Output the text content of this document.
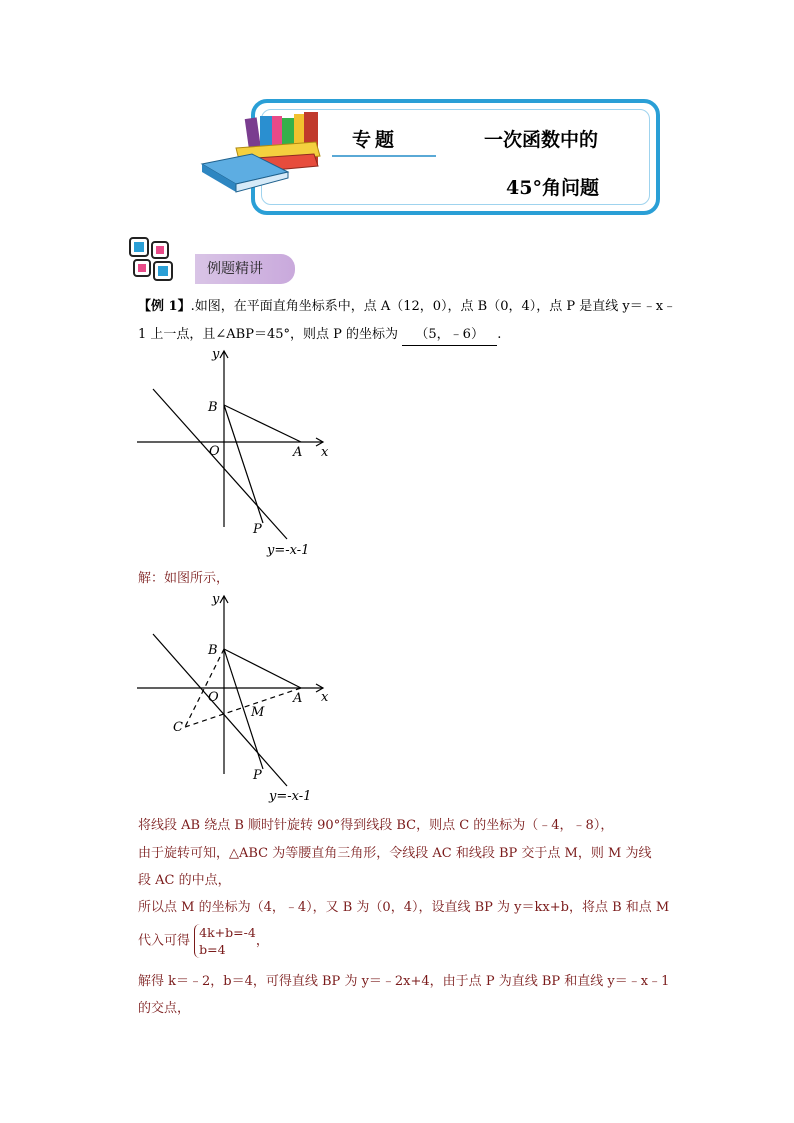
专题	一次函数中的
45°角问题
例题精讲
【例 1】.如图，在平面直角坐标系中，点 A（12，0），点 B（0，4），点 P 是直线 y＝﹣x﹣
1 上一点，且∠ABP＝45°，则点 P 的坐标为 （5，﹣6） .
y
x
B
O	A
P
y=-x-1
解：如图所示，
y
x
B
O	A
C
M
P
y=-x-1
将线段 AB 绕点 B 顺时针旋转 90°得到线段 BC，则点 C 的坐标为（﹣4，﹣8），
由于旋转可知，△ABC 为等腰直角三角形，令线段 AC 和线段 BP 交于点 M，则 M 为线
段 AC 的中点，
所以点 M 的坐标为（4，﹣4），又 B 为（0，4），设直线 BP 为 y＝kx+b，将点 B 和点 M
代入可得
4k+b=-4
b=4
，
解得 k＝﹣2，b＝4，可得直线 BP 为 y＝﹣2x+4，由于点 P 为直线 BP 和直线 y＝﹣x﹣1
的交点，
